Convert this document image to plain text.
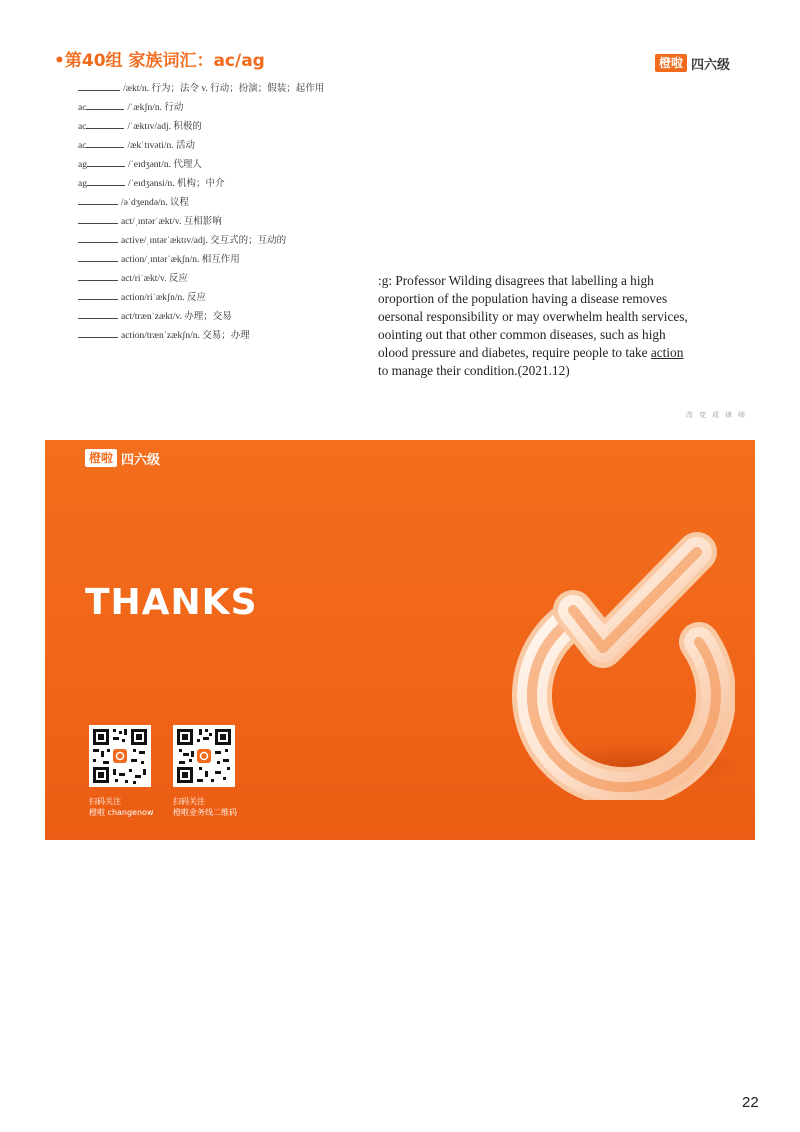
•第40组 家族词汇：ac/ag	橙啦 四六级
/ækt/n. 行为；法令 v. 行动；扮演；假装；起作用
ac	/ˈækʃn/n. 行动
ac	/ˈæktɪv/adj. 积极的
ac	/ækˈtɪvəti/n. 活动
ag	/ˈeɪdʒənt/n. 代理人
ag	/ˈeɪdʒənsi/n. 机构；中介
/əˈdʒendə/n. 议程
act/ˌɪntərˈækt/v. 互相影响
active/ˌɪntərˈæktɪv/adj. 交互式的；互动的
action/ˌɪntərˈækʃn/n. 相互作用
act/riˈækt/v. 反应
action/riˈækʃn/n. 反应
act/trænˈzækt/v. 办理；交易
action/trænˈzækʃn/n. 交易；办理
:g: Professor Wilding disagrees that labelling a high
oroportion of the population having a disease removes
oersonal responsibility or may overwhelm health services,
oointing out that other common diseases, such as high
olood pressure and diabetes, require people to take action
to manage their condition.(2021.12)
改变成律师
橙啦 四六级
THANKS
扫码关注
橙啦 changenow
扫码关注
橙啦业务线二维码
22
